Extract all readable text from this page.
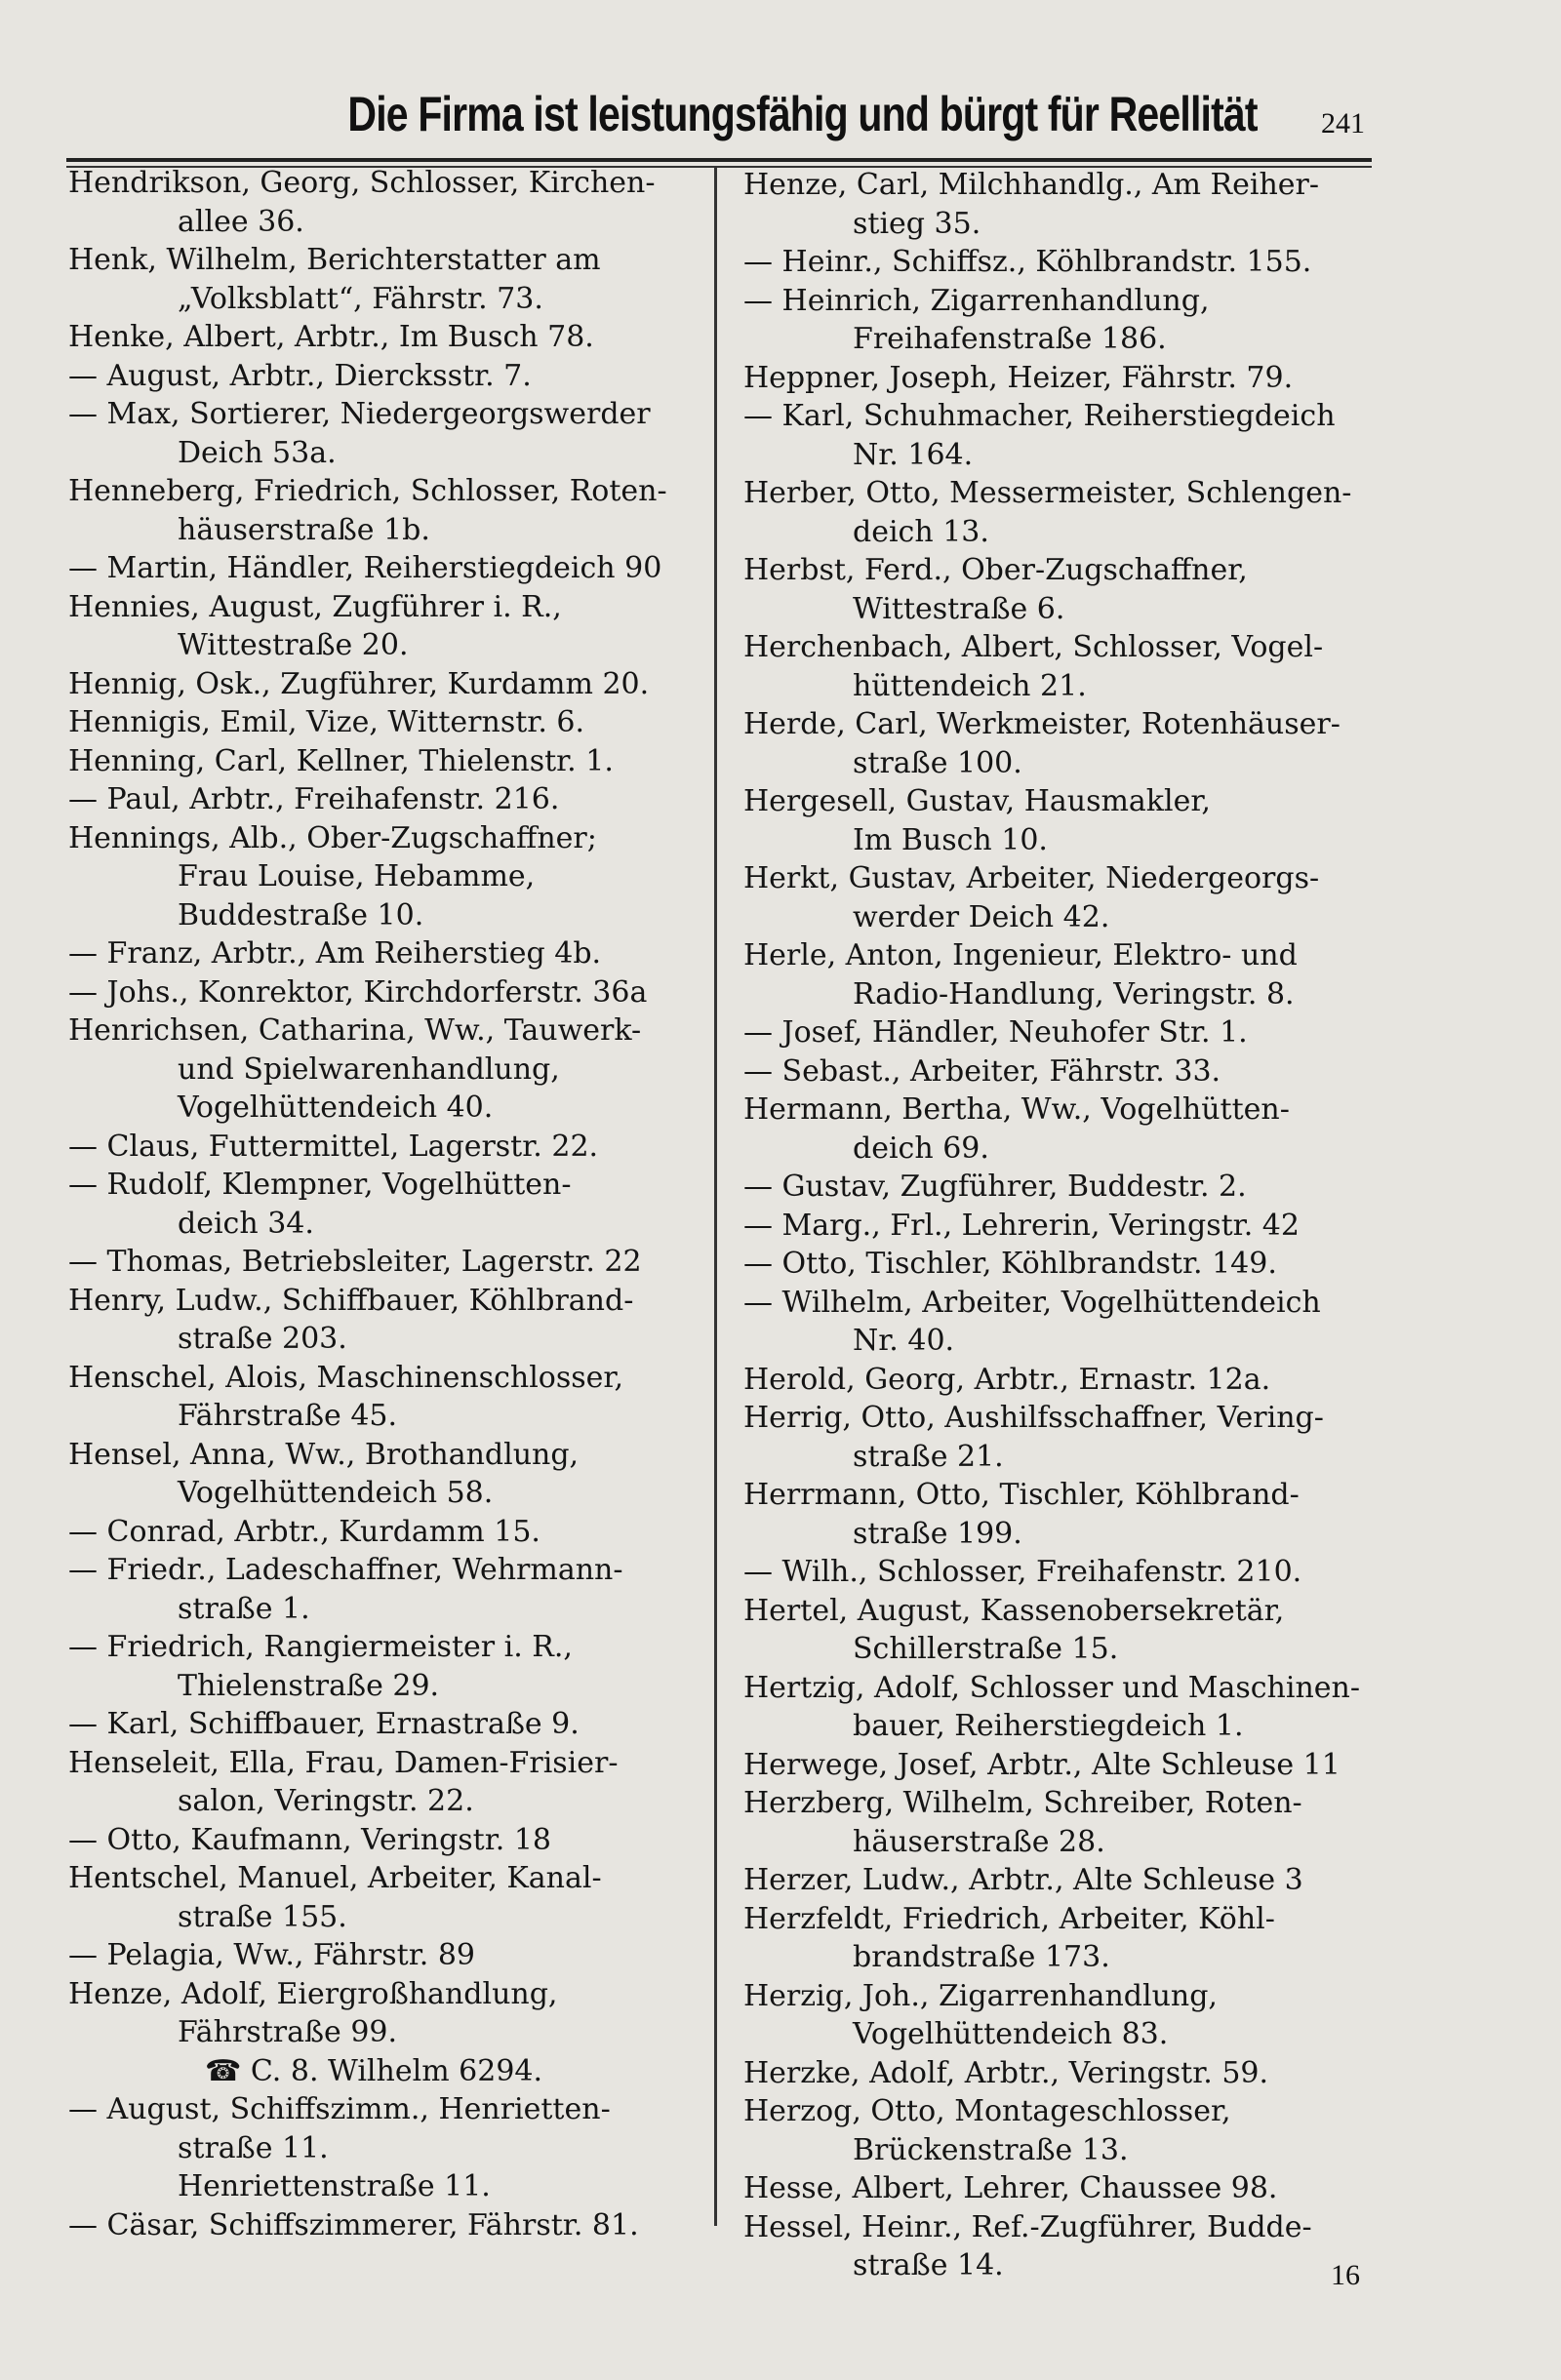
Die Firma ist leistungsfähig und bürgt für Reellität 241
Hendrikson, Georg, Schlosser, Kirchen-
allee 36.
Henk, Wilhelm, Berichterstatter am
„Volksblatt“, Fährstr. 73.
Henke, Albert, Arbtr., Im Busch 78.
— August, Arbtr., Diercksstr. 7.
— Max, Sortierer, Niedergeorgswerder
Deich 53a.
Henneberg, Friedrich, Schlosser, Roten-
häuserstraße 1b.
— Martin, Händler, Reiherstiegdeich 90
Hennies, August, Zugführer i. R.,
Wittestraße 20.
Hennig, Osk., Zugführer, Kurdamm 20.
Hennigis, Emil, Vize, Witternstr. 6.
Henning, Carl, Kellner, Thielenstr. 1.
— Paul, Arbtr., Freihafenstr. 216.
Hennings, Alb., Ober-Zugschaffner;
Frau Louise, Hebamme,
Buddestraße 10.
— Franz, Arbtr., Am Reiherstieg 4b.
— Johs., Konrektor, Kirchdorferstr. 36a
Henrichsen, Catharina, Ww., Tauwerk-
und Spielwarenhandlung,
Vogelhüttendeich 40.
— Claus, Futtermittel, Lagerstr. 22.
— Rudolf, Klempner, Vogelhütten-
deich 34.
— Thomas, Betriebsleiter, Lagerstr. 22
Henry, Ludw., Schiffbauer, Köhlbrand-
straße 203.
Henschel, Alois, Maschinenschlosser,
Fährstraße 45.
Hensel, Anna, Ww., Brothandlung,
Vogelhüttendeich 58.
— Conrad, Arbtr., Kurdamm 15.
— Friedr., Ladeschaffner, Wehrmann-
straße 1.
— Friedrich, Rangiermeister i. R.,
Thielenstraße 29.
— Karl, Schiffbauer, Ernastraße 9.
Henseleit, Ella, Frau, Damen-Frisier-
salon, Veringstr. 22.
— Otto, Kaufmann, Veringstr. 18
Hentschel, Manuel, Arbeiter, Kanal-
straße 155.
— Pelagia, Ww., Fährstr. 89
Henze, Adolf, Eiergroßhandlung,
Fährstraße 99.
☎ C. 8. Wilhelm 6294.
— August, Schiffszimm., Henrietten-
straße 11.
Henriettenstraße 11.
— Cäsar, Schiffszimmerer, Fährstr. 81.
Henze, Carl, Milchhandlg., Am Reiher-
stieg 35.
— Heinr., Schiffsz., Köhlbrandstr. 155.
— Heinrich, Zigarrenhandlung,
Freihafenstraße 186.
Heppner, Joseph, Heizer, Fährstr. 79.
— Karl, Schuhmacher, Reiherstiegdeich
Nr. 164.
Herber, Otto, Messermeister, Schlengen-
deich 13.
Herbst, Ferd., Ober-Zugschaffner,
Wittestraße 6.
Herchenbach, Albert, Schlosser, Vogel-
hüttendeich 21.
Herde, Carl, Werkmeister, Rotenhäuser-
straße 100.
Hergesell, Gustav, Hausmakler,
Im Busch 10.
Herkt, Gustav, Arbeiter, Niedergeorgs-
werder Deich 42.
Herle, Anton, Ingenieur, Elektro- und
Radio-Handlung, Veringstr. 8.
— Josef, Händler, Neuhofer Str. 1.
— Sebast., Arbeiter, Fährstr. 33.
Hermann, Bertha, Ww., Vogelhütten-
deich 69.
— Gustav, Zugführer, Buddestr. 2.
— Marg., Frl., Lehrerin, Veringstr. 42
— Otto, Tischler, Köhlbrandstr. 149.
— Wilhelm, Arbeiter, Vogelhüttendeich
Nr. 40.
Herold, Georg, Arbtr., Ernastr. 12a.
Herrig, Otto, Aushilfsschaffner, Vering-
straße 21.
Herrmann, Otto, Tischler, Köhlbrand-
straße 199.
— Wilh., Schlosser, Freihafenstr. 210.
Hertel, August, Kassenobersekretär,
Schillerstraße 15.
Hertzig, Adolf, Schlosser und Maschinen-
bauer, Reiherstiegdeich 1.
Herwege, Josef, Arbtr., Alte Schleuse 11
Herzberg, Wilhelm, Schreiber, Roten-
häuserstraße 28.
Herzer, Ludw., Arbtr., Alte Schleuse 3
Herzfeldt, Friedrich, Arbeiter, Köhl-
brandstraße 173.
Herzig, Joh., Zigarrenhandlung,
Vogelhüttendeich 83.
Herzke, Adolf, Arbtr., Veringstr. 59.
Herzog, Otto, Montageschlosser,
Brückenstraße 13.
Hesse, Albert, Lehrer, Chaussee 98.
Hessel, Heinr., Ref.-Zugführer, Budde-
straße 14.	16
